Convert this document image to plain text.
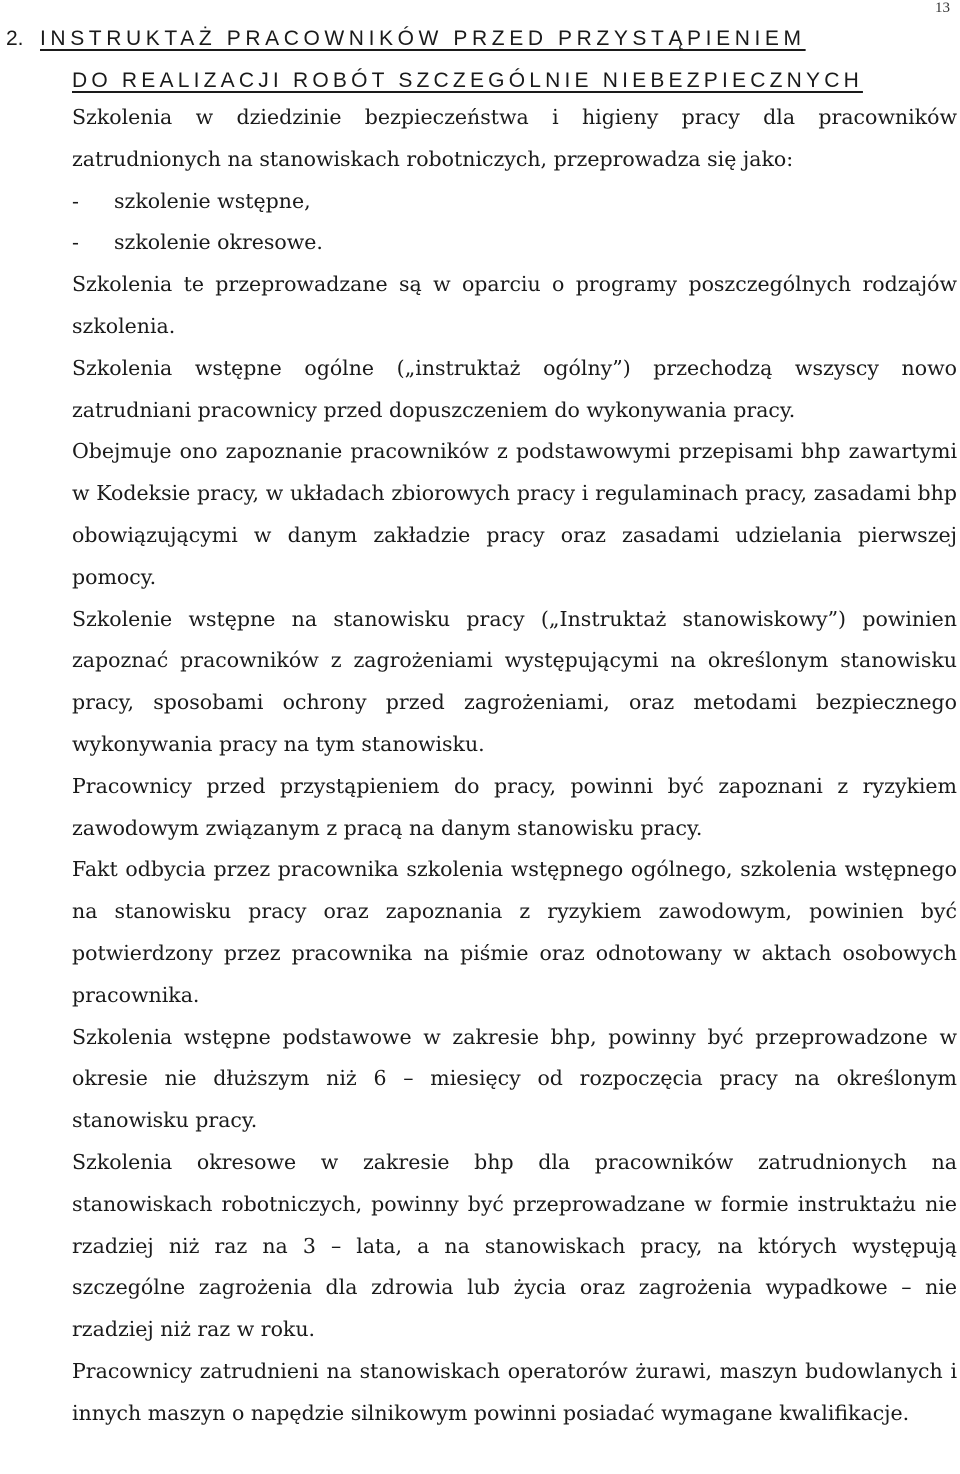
13
2. INSTRUKTAŻ PRACOWNIKÓW PRZED PRZYSTĄPIENIEM
DO REALIZACJI ROBÓT SZCZEGÓLNIE NIEBEZPIECZNYCH

Szkolenia w dziedzinie bezpieczeństwa i higieny pracy dla pracowników zatrudnionych na stanowiskach robotniczych, przeprowadza się jako:

- szkolenie wstępne,

- szkolenie okresowe.

Szkolenia te przeprowadzane są w oparciu o programy poszczególnych rodzajów szkolenia.

Szkolenia wstępne ogólne („instruktaż ogólny”) przechodzą wszyscy nowo zatrudniani pracownicy przed dopuszczeniem do wykonywania pracy.

Obejmuje ono zapoznanie pracowników z podstawowymi przepisami bhp zawartymi w Kodeksie pracy, w układach zbiorowych pracy i regulaminach pracy, zasadami bhp obowiązującymi w danym zakładzie pracy oraz zasadami udzielania pierwszej pomocy.

Szkolenie wstępne na stanowisku pracy („Instruktaż stanowiskowy”) powinien zapoznać pracowników z zagrożeniami występującymi na określonym stanowisku pracy, sposobami ochrony przed zagrożeniami, oraz metodami bezpiecznego wykonywania pracy na tym stanowisku.

Pracownicy przed przystąpieniem do pracy, powinni być zapoznani z ryzykiem zawodowym związanym z pracą na danym stanowisku pracy.

Fakt odbycia przez pracownika szkolenia wstępnego ogólnego, szkolenia wstępnego na stanowisku pracy oraz zapoznania z ryzykiem zawodowym, powinien być potwierdzony przez pracownika na piśmie oraz odnotowany w aktach osobowych pracownika.

Szkolenia wstępne podstawowe w zakresie bhp, powinny być przeprowadzone w okresie nie dłuższym niż 6 – miesięcy od rozpoczęcia pracy na określonym stanowisku pracy.

Szkolenia okresowe w zakresie bhp dla pracowników zatrudnionych na stanowiskach robotniczych, powinny być przeprowadzane w formie instruktażu nie rzadziej niż raz na 3 – lata, a na stanowiskach pracy, na których występują szczególne zagrożenia dla zdrowia lub życia oraz zagrożenia wypadkowe – nie rzadziej niż raz w roku.

Pracownicy zatrudnieni na stanowiskach operatorów żurawi, maszyn budowlanych i innych maszyn o napędzie silnikowym powinni posiadać wymagane kwalifikacje.
